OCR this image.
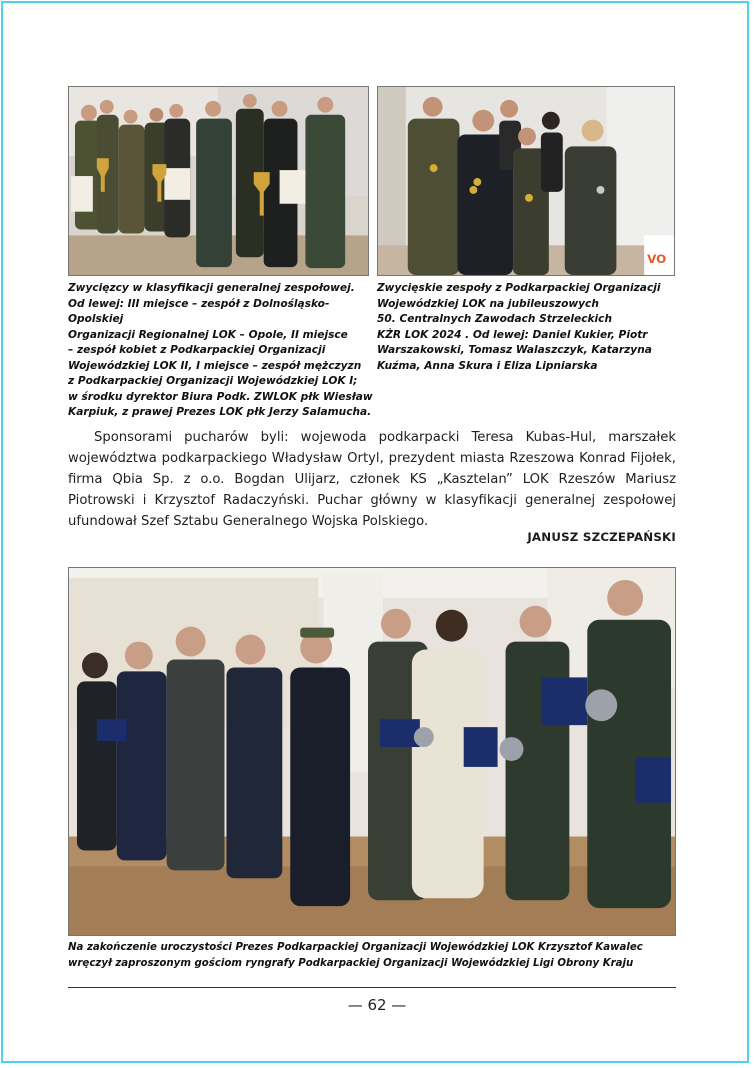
VO
Zwycięzcy w klasyfikacji generalnej zespołowej.
Od lewej: III miejsce – zespół z Dolnośląsko-Opolskiej
Organizacji Regionalnej LOK – Opole, II miejsce
– zespół kobiet z Podkarpackiej Organizacji
Wojewódzkiej LOK II, I miejsce – zespół mężczyzn
z Podkarpackiej Organizacji Wojewódzkiej LOK I;
w środku dyrektor Biura Podk. ZWLOK płk Wiesław
Karpiuk, z prawej Prezes LOK płk Jerzy Salamucha.
Zwycięskie zespoły z Podkarpackiej Organizacji
Wojewódzkiej LOK na jubileuszowych
50. Centralnych Zawodach Strzeleckich
KŻR LOK 2024 . Od lewej: Daniel Kukier, Piotr
Warszakowski, Tomasz Walaszczyk, Katarzyna
Kuźma, Anna Skura i Eliza Lipniarska

Sponsorami pucharów byli: wojewoda podkarpacki Teresa Kubas-Hul, marszałek województwa podkarpackiego Władysław Ortyl, prezydent miasta Rzeszowa Konrad Fijołek, firma Qbia Sp. z o.o. Bogdan Ulijarz, członek KS „Kasztelan” LOK Rzeszów Mariusz Piotrowski i Krzysztof Radaczyński. Puchar główny w klasyfikacji generalnej zespołowej ufundował Szef Sztabu Generalnego Wojska Polskiego.

JANUSZ SZCZEPAŃSKI
Na zakończenie uroczystości Prezes Podkarpackiej Organizacji Wojewódzkiej LOK Krzysztof Kawalec
wręczył zaproszonym gościom ryngrafy Podkarpackiej Organizacji Wojewódzkiej Ligi Obrony Kraju
— 62 —
